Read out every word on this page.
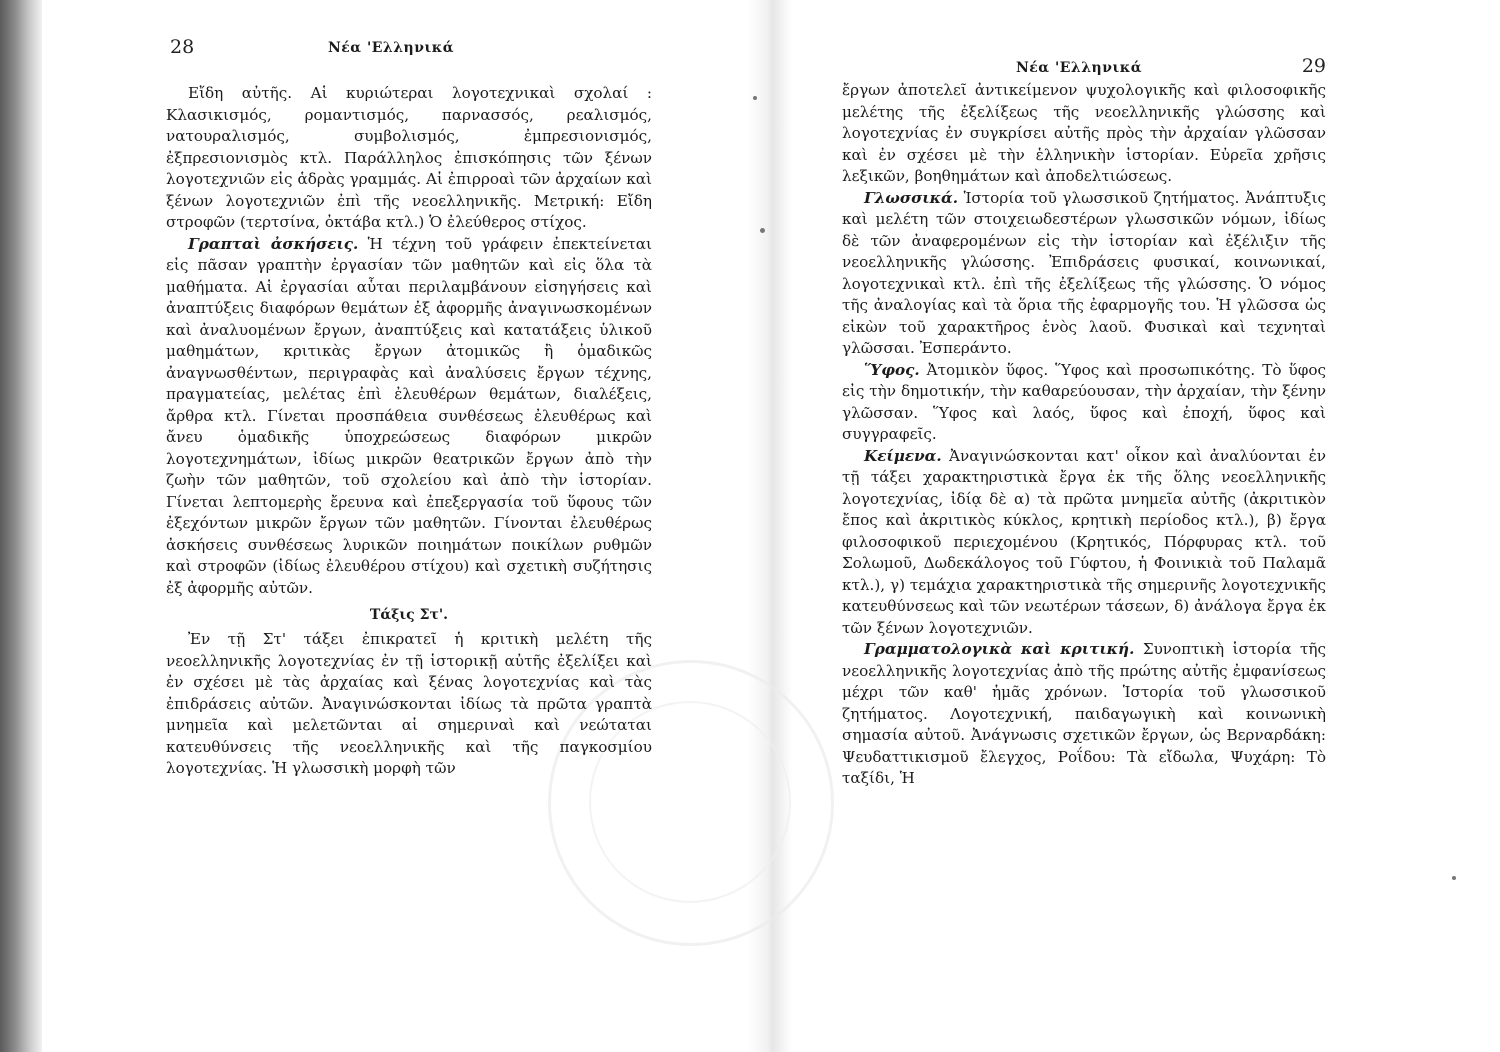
28	Νέα 'Ελληνικά

Εἴδη αὐτῆς. Αἱ κυριώτεραι λογοτεχνικαὶ σχολαί : Κλασικισμός, ρομαντισμός, παρνασσός, ρεαλισμός, νατουραλισμός, συμβολισμός, ἐμπρεσιονισμός, ἐξπρεσιονισμὸς κτλ. Παράλληλος ἐπισκόπησις τῶν ξένων λογοτεχνιῶν εἰς ἁδρὰς γραμμάς. Αἱ ἐπιρροαὶ τῶν ἀρχαίων καὶ ξένων λογοτεχνιῶν ἐπὶ τῆς νεοελληνικῆς. Μετρική: Εἴδη στροφῶν (τερτσίνα, ὀκτάβα κτλ.) Ὁ ἐλεύθερος στίχος.

Γραπταὶ ἀσκήσεις. Ἡ τέχνη τοῦ γράφειν ἐπεκτείνεται εἰς πᾶσαν γραπτὴν ἐργασίαν τῶν μαθητῶν καὶ εἰς ὅλα τὰ μαθήματα. Αἱ ἐργασίαι αὗται περιλαμβάνουν εἰσηγήσεις καὶ ἀναπτύξεις διαφόρων θεμάτων ἐξ ἀφορμῆς ἀναγινωσκομένων καὶ ἀναλυομένων ἔργων, ἀναπτύξεις καὶ κατατάξεις ὑλικοῦ μαθημάτων, κριτικὰς ἔργων ἀτομικῶς ἢ ὁμαδικῶς ἀναγνωσθέντων, περιγραφὰς καὶ ἀναλύσεις ἔργων τέχνης, πραγματείας, μελέτας ἐπὶ ἐλευθέρων θεμάτων, διαλέξεις, ἄρθρα κτλ. Γίνεται προσπάθεια συνθέσεως ἐλευθέρως καὶ ἄνευ ὁμαδικῆς ὑποχρεώσεως διαφόρων μικρῶν λογοτεχνημάτων, ἰδίως μικρῶν θεατρικῶν ἔργων ἀπὸ τὴν ζωὴν τῶν μαθητῶν, τοῦ σχολείου καὶ ἀπὸ τὴν ἱστορίαν. Γίνεται λεπτομερὴς ἔρευνα καὶ ἐπεξεργασία τοῦ ὕφους τῶν ἐξεχόντων μικρῶν ἔργων τῶν μαθητῶν. Γίνονται ἐλευθέρως ἀσκήσεις συνθέσεως λυρικῶν ποιημάτων ποικίλων ρυθμῶν καὶ στροφῶν (ἰδίως ἐλευθέρου στίχου) καὶ σχετικὴ συζήτησις ἐξ ἀφορμῆς αὐτῶν.

Τάξις Στ'.

Ἐν τῇ Στ' τάξει ἐπικρατεῖ ἡ κριτικὴ μελέτη τῆς νεοελληνικῆς λογοτεχνίας ἐν τῇ ἱστορικῇ αὐτῆς ἐξελίξει καὶ ἐν σχέσει μὲ τὰς ἀρχαίας καὶ ξένας λογοτεχνίας καὶ τὰς ἐπιδράσεις αὐτῶν. Ἀναγινώσκονται ἰδίως τὰ πρῶτα γραπτὰ μνημεῖα καὶ μελετῶνται αἱ σημεριναὶ καὶ νεώταται κατευθύνσεις τῆς νεοελληνικῆς καὶ τῆς παγκοσμίου λογοτεχνίας. Ἡ γλωσσικὴ μορφὴ τῶν

Νέα 'Ελληνικά	29

ἔργων ἀποτελεῖ ἀντικείμενον ψυχολογικῆς καὶ φιλοσοφικῆς μελέτης τῆς ἐξελίξεως τῆς νεοελληνικῆς γλώσσης καὶ λογοτεχνίας ἐν συγκρίσει αὐτῆς πρὸς τὴν ἀρχαίαν γλῶσσαν καὶ ἐν σχέσει μὲ τὴν ἑλληνικὴν ἱστορίαν. Εὐρεῖα χρῆσις λεξικῶν, βοηθημάτων καὶ ἀποδελτιώσεως.

Γλωσσικά. Ἱστορία τοῦ γλωσσικοῦ ζητήματος. Ἀνάπτυξις καὶ μελέτη τῶν στοιχειωδεστέρων γλωσσικῶν νόμων, ἰδίως δὲ τῶν ἀναφερομένων εἰς τὴν ἱστορίαν καὶ ἐξέλιξιν τῆς νεοελληνικῆς γλώσσης. Ἐπιδράσεις φυσικαί, κοινωνικαί, λογοτεχνικαὶ κτλ. ἐπὶ τῆς ἐξελίξεως τῆς γλώσσης. Ὁ νόμος τῆς ἀναλογίας καὶ τὰ ὅρια τῆς ἐφαρμογῆς του. Ἡ γλῶσσα ὡς εἰκὼν τοῦ χαρακτῆρος ἑνὸς λαοῦ. Φυσικαὶ καὶ τεχνηταὶ γλῶσσαι. Ἐσπεράντο.

Ὕφος. Ἀτομικὸν ὕφος. Ὕφος καὶ προσωπικότης. Τὸ ὕφος εἰς τὴν δημοτικήν, τὴν καθαρεύουσαν, τὴν ἀρχαίαν, τὴν ξένην γλῶσσαν. Ὕφος καὶ λαός, ὕφος καὶ ἐποχή, ὕφος καὶ συγγραφεῖς.

Κείμενα. Ἀναγινώσκονται κατ' οἶκον καὶ ἀναλύονται ἐν τῇ τάξει χαρακτηριστικὰ ἔργα ἐκ τῆς ὅλης νεοελληνικῆς λογοτεχνίας, ἰδίᾳ δὲ α) τὰ πρῶτα μνημεῖα αὐτῆς (ἀκριτικὸν ἔπος καὶ ἀκριτικὸς κύκλος, κρητικὴ περίοδος κτλ.), β) ἔργα φιλοσοφικοῦ περιεχομένου (Κρητικός, Πόρφυρας κτλ. τοῦ Σολωμοῦ, Δωδεκάλογος τοῦ Γύφτου, ἡ Φοινικιὰ τοῦ Παλαμᾶ κτλ.), γ) τεμάχια χαρακτηριστικὰ τῆς σημερινῆς λογοτεχνικῆς κατευθύνσεως καὶ τῶν νεωτέρων τάσεων, δ) ἀνάλογα ἔργα ἐκ τῶν ξένων λογοτεχνιῶν.

Γραμματολογικὰ καὶ κριτική. Συνοπτικὴ ἱστορία τῆς νεοελληνικῆς λογοτεχνίας ἀπὸ τῆς πρώτης αὐτῆς ἐμφανίσεως μέχρι τῶν καθ' ἡμᾶς χρόνων. Ἱστορία τοῦ γλωσσικοῦ ζητήματος. Λογοτεχνική, παιδαγωγικὴ καὶ κοινωνικὴ σημασία αὐτοῦ. Ἀνάγνωσις σχετικῶν ἔργων, ὡς Βερναρδάκη: Ψευδαττικισμοῦ ἔλεγχος, Ροΐδου: Τὰ εἴδωλα, Ψυχάρη: Τὸ ταξίδι, Ἡ
